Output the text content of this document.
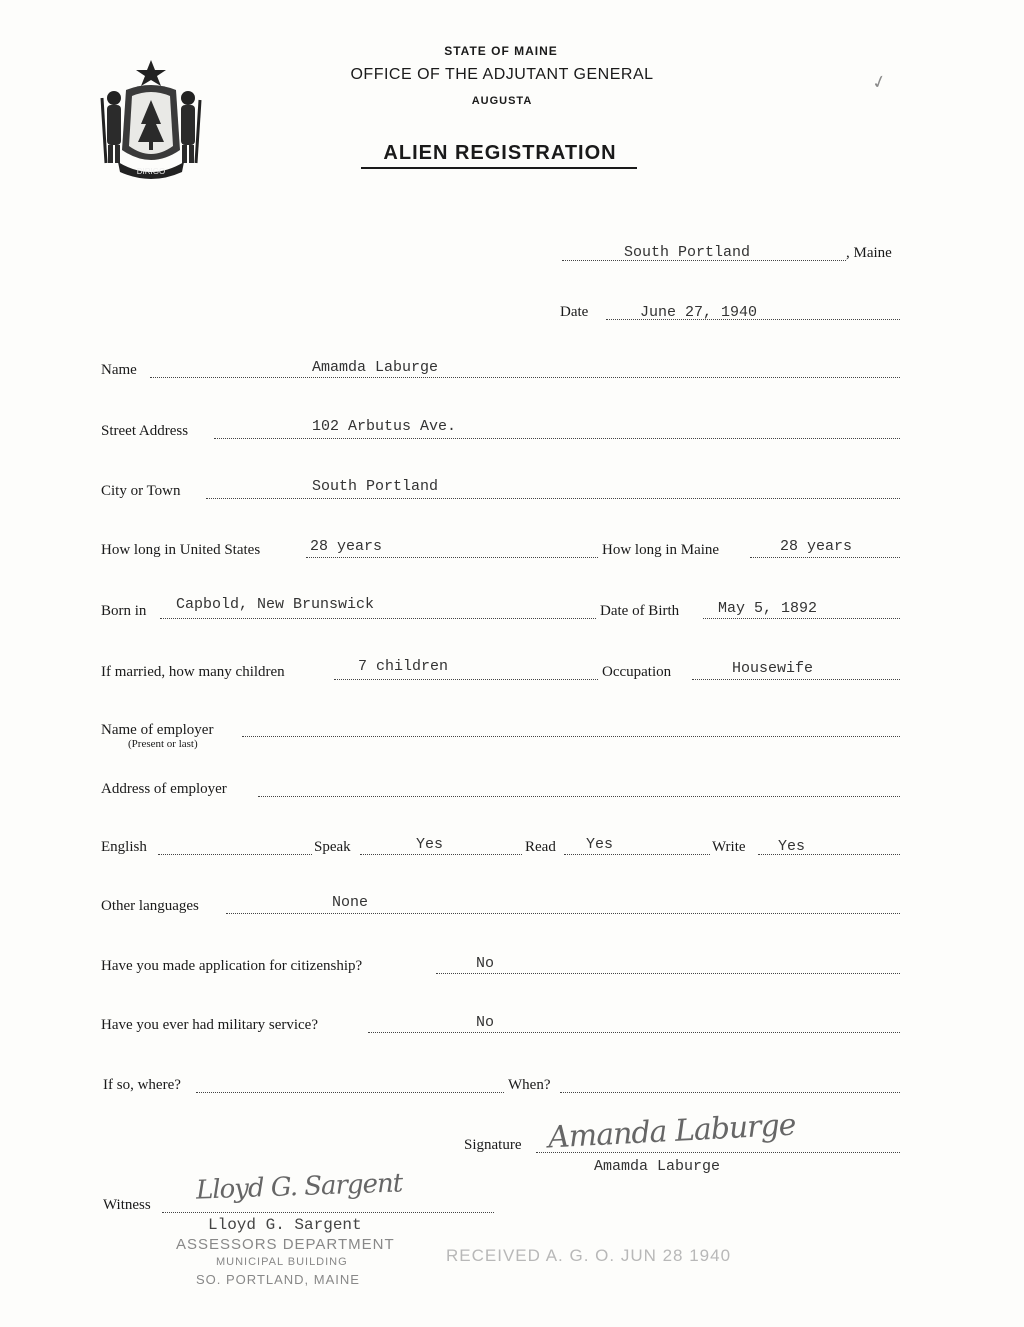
DIRIGO
STATE OF MAINE
OFFICE OF THE ADJUTANT GENERAL
AUGUSTA
ALIEN REGISTRATION
✓
South Portland	, Maine
Date	June 27, 1940
Name	Amamda Laburge
Street Address	102 Arbutus Ave.
City or Town	South Portland
How long in United States	28 years	How long in Maine	28 years
Born in Capbold, New Brunswick	Date of Birth	May 5, 1892
If married, how many children	7 children	Occupation	Housewife
Name of employer
(Present or last)
Address of employer
English	Speak	Yes	Read Yes	Write Yes
Other languages	None
Have you made application for citizenship?	No
Have you ever had military service?	No
If so, where?	When?
Signature Amanda Laburge
Amamda Laburge
Witness Lloyd G. Sargent
Lloyd G. Sargent
ASSESSORS DEPARTMENT
MUNICIPAL BUILDING
SO. PORTLAND, MAINE
RECEIVED A. G. O. JUN 28 1940
